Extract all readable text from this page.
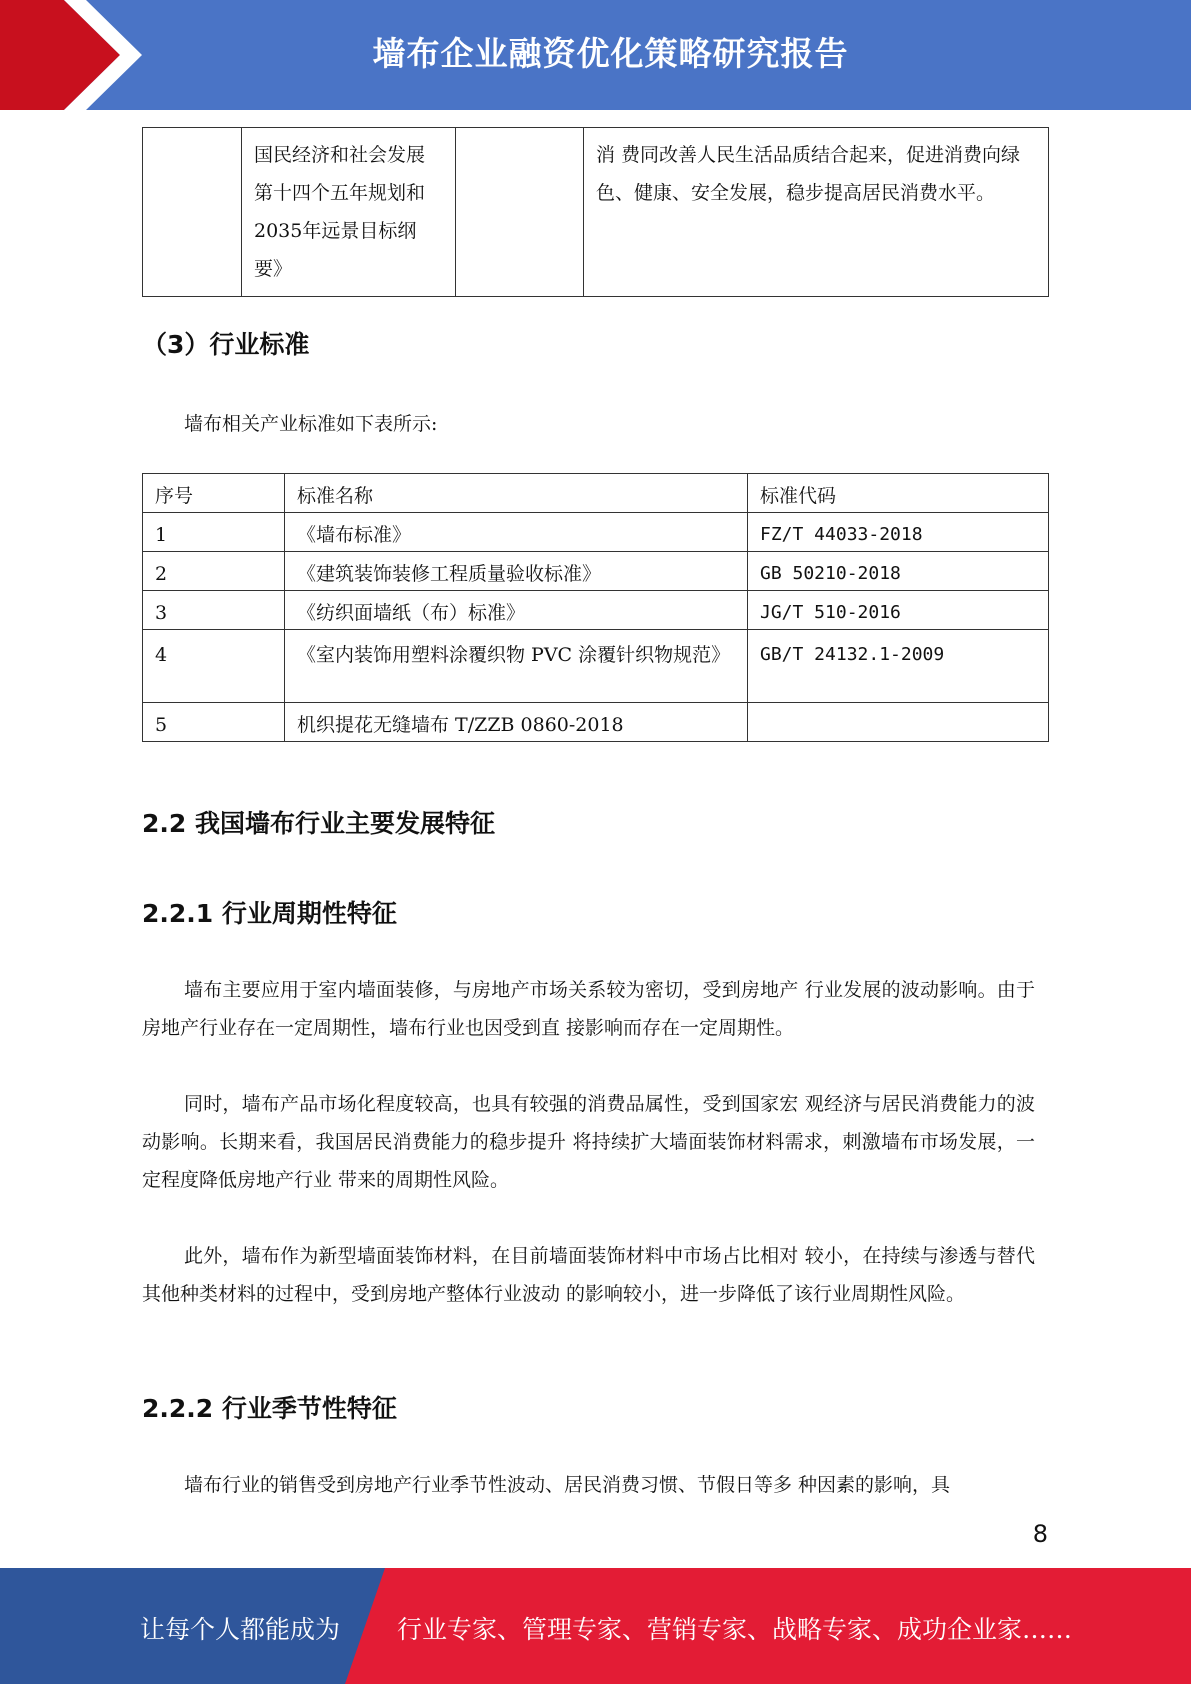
墙布企业融资优化策略研究报告
	国民经济和社会发展第十四个五年规划和2035年远景目标纲要》		消 费同改善人民生活品质结合起来，促进消费向绿 色、健康、安全发展，稳步提高居民消费水平。
（3）行业标准

墙布相关产业标准如下表所示:

序号	标准名称	标准代码
1	《墙布标准》	FZ/T 44033-2018
2	《建筑装饰装修工程质量验收标准》	GB 50210-2018
3	《纺织面墙纸（布）标准》	JG/T 510-2016
4	《室内装饰用塑料涂覆织物 PVC 涂覆针织物规范》	GB/T 24132.1-2009
5	机织提花无缝墙布 T/ZZB 0860-2018	
2.2 我国墙布行业主要发展特征
2.2.1 行业周期性特征

墙布主要应用于室内墙面装修，与房地产市场关系较为密切，受到房地产 行业发展的波动影响。由于房地产行业存在一定周期性，墙布行业也因受到直 接影响而存在一定周期性。

同时，墙布产品市场化程度较高，也具有较强的消费品属性，受到国家宏 观经济与居民消费能力的波动影响。长期来看，我国居民消费能力的稳步提升 将持续扩大墙面装饰材料需求，刺激墙布市场发展，一定程度降低房地产行业 带来的周期性风险。

此外，墙布作为新型墙面装饰材料，在目前墙面装饰材料中市场占比相对 较小，在持续与渗透与替代其他种类材料的过程中，受到房地产整体行业波动 的影响较小，进一步降低了该行业周期性风险。

2.2.2 行业季节性特征

墙布行业的销售受到房地产行业季节性波动、居民消费习惯、节假日等多 种因素的影响，具

8
让每个人都能成为 行业专家、管理专家、营销专家、战略专家、成功企业家……
